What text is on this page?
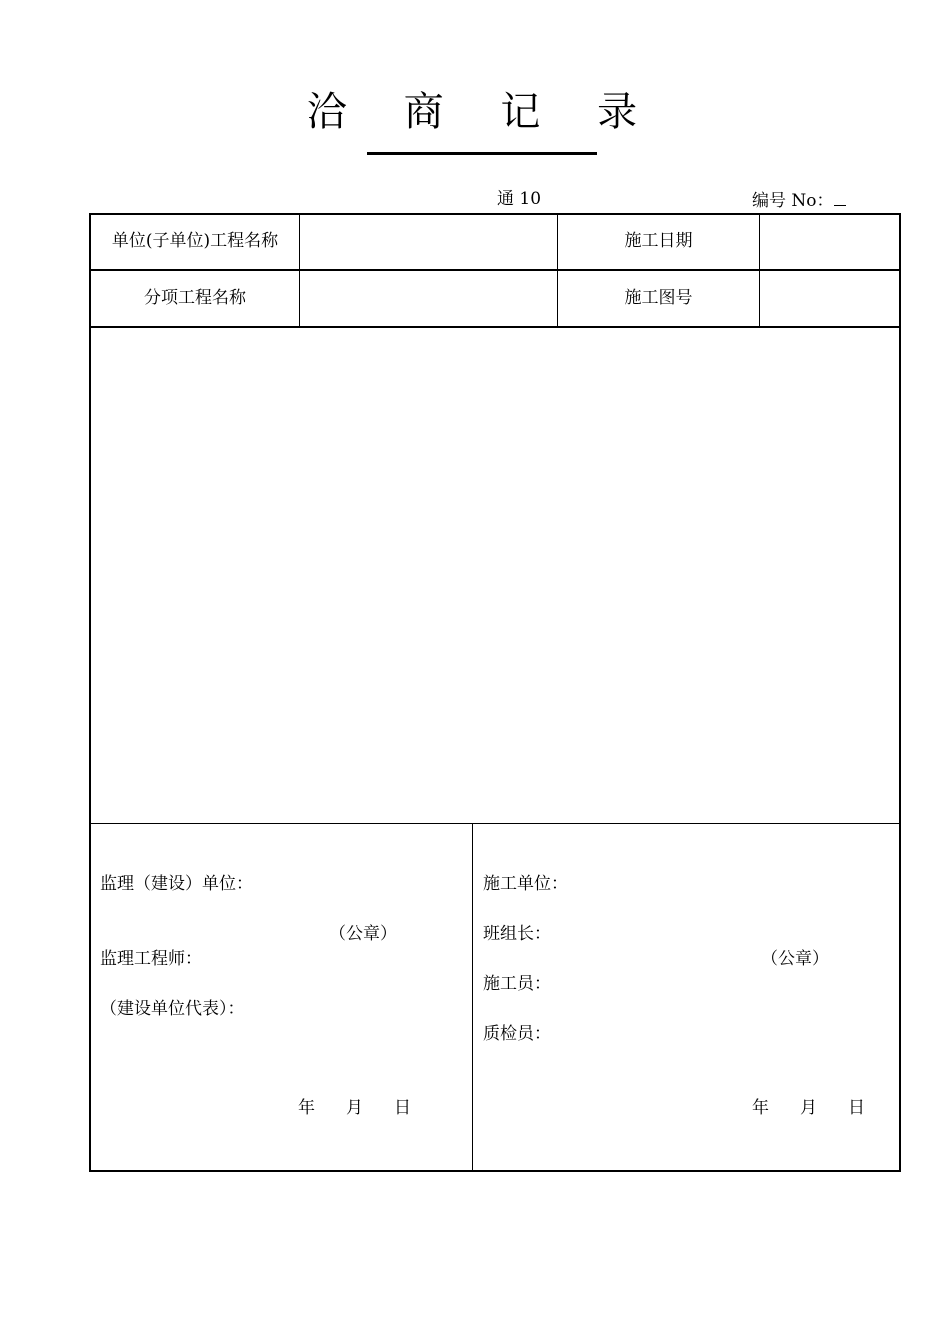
洽 商 记 录
通 10	编号 No：
单位(子单位)工程名称	施工日期
分项工程名称	施工图号
监理（建设）单位：
（公章）
监理工程师：
（建设单位代表）：
年 月 日
施工单位：
班组长：
（公章）
施工员：
质检员：
年 月 日
